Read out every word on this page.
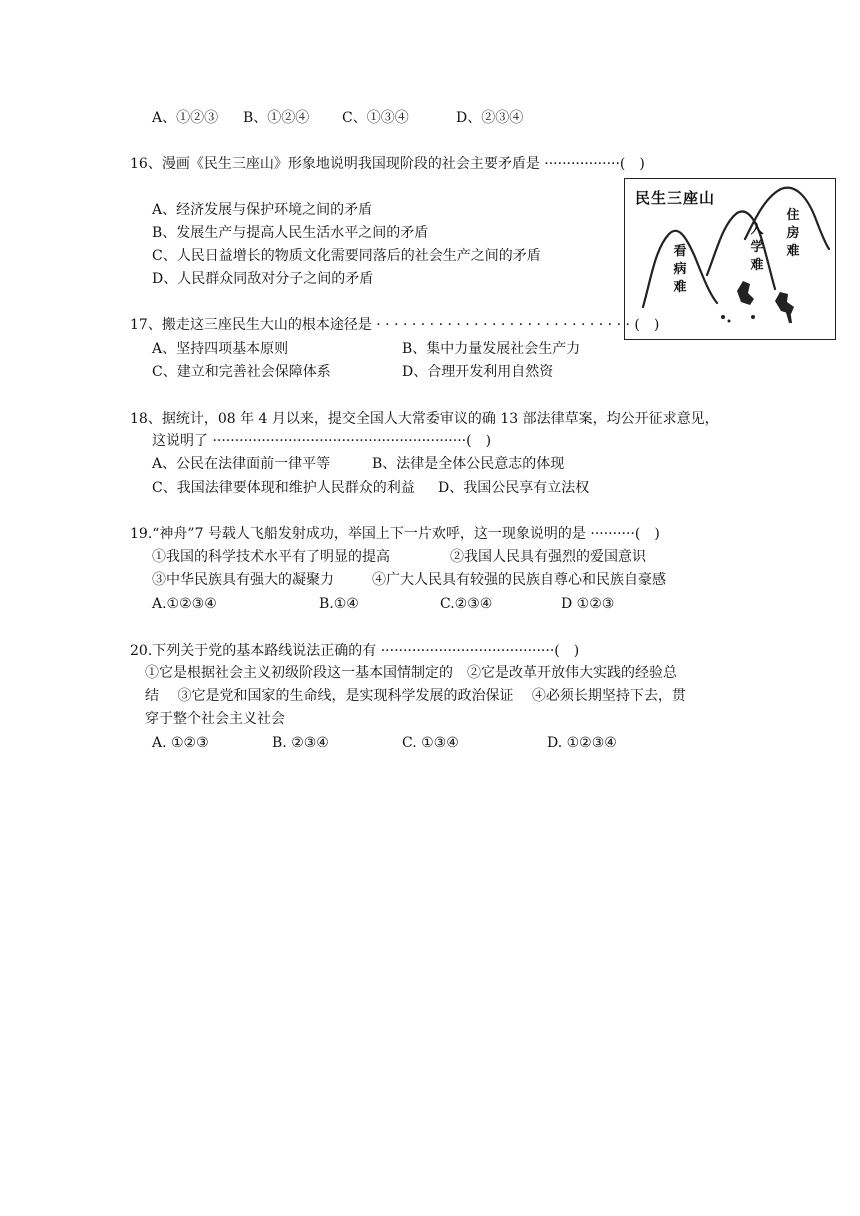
A、①②③ B、①②④ C、①③④	D、②③④
16、漫画《民生三座山》形象地说明我国现阶段的社会主要矛盾是 ·················(　)
A、经济发展与保护环境之间的矛盾
B、发展生产与提高人民生活水平之间的矛盾
C、人民日益增长的物质文化需要同落后的社会生产之间的矛盾
D、人民群众同敌对分子之间的矛盾
民生三座山
看病难
入学难
住房难
17、搬走这三座民生大山的根本途径是 · · · · · · · · · · · · · · · · · · · · · · · · · · · · · (　)
A、坚持四项基本原则	B、集中力量发展社会生产力
C、建立和完善社会保障体系	D、合理开发利用自然资
18、据统计，08 年 4 月以来，提交全国人大常委审议的确 13 部法律草案，均公开征求意见，
这说明了 ·························································(　)
A、公民在法律面前一律平等	B、法律是全体公民意志的体现
C、我国法律要体现和维护人民群众的利益 D、我国公民享有立法权
19.“神舟”7 号载人飞船发射成功，举国上下一片欢呼，这一现象说明的是 ··········(　)
①我国的科学技术水平有了明显的提高	②我国人民具有强烈的爱国意识
③中华民族具有强大的凝聚力	④广大人民具有较强的民族自尊心和民族自豪感
A.①②③④	B.①④	C.②③④	D ①②③
20.下列关于党的基本路线说法正确的有 ·······································(　)
①它是根据社会主义初级阶段这一基本国情制定的　②它是改革开放伟大实践的经验总
结　 ③它是党和国家的生命线，是实现科学发展的政治保证　 ④必须长期坚持下去，贯
穿于整个社会主义社会
A. ①②③	B. ②③④	C. ①③④	D. ①②③④
